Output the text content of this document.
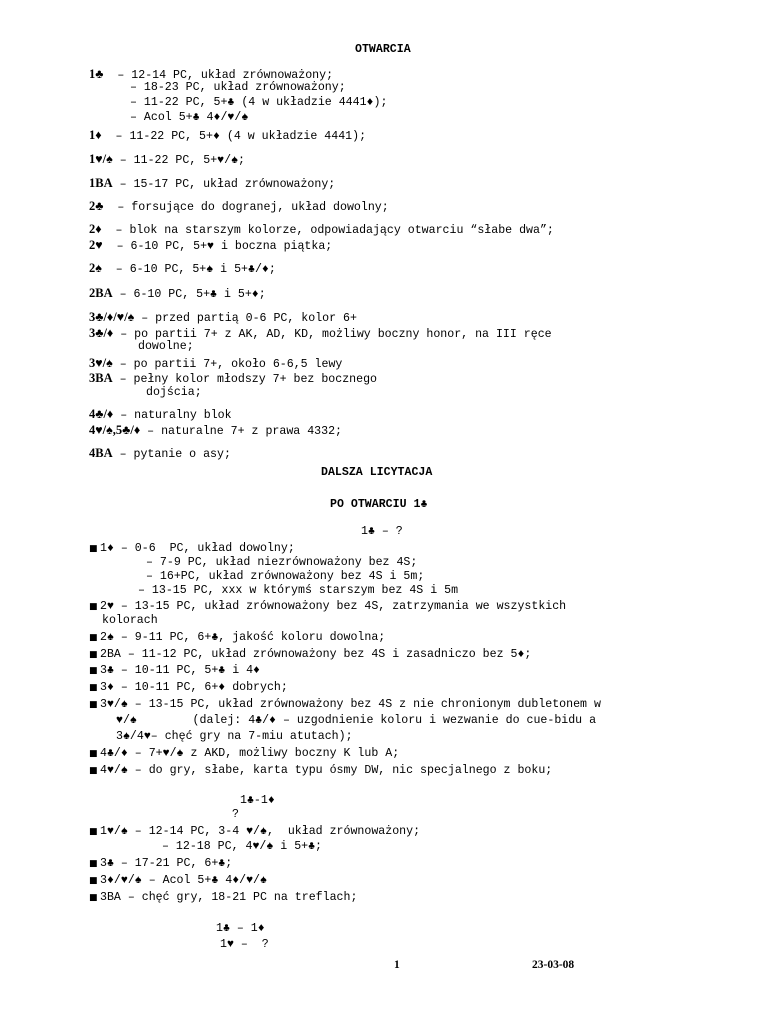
OTWARCIA
1♣  – 12-14 PC, układ zrównoważony;
– 18-23 PC, układ zrównoważony;
– 11-22 PC, 5+♣ (4 w układzie 4441♦);
– Acol 5+♣ 4♦/♥/♠
1♦  – 11-22 PC, 5+♦ (4 w układzie 4441);
1♥/♠ – 11-22 PC, 5+♥/♠;
1BA – 15-17 PC, układ zrównoważony;
2♣  – forsujące do dogranej, układ dowolny;
2♦  – blok na starszym kolorze, odpowiadający otwarciu “słabe dwa”;
2♥  – 6-10 PC, 5+♥ i boczna piątka;
2♠  – 6-10 PC, 5+♠ i 5+♣/♦;
2BA – 6-10 PC, 5+♣ i 5+♦;
3♣/♦/♥/♠ – przed partią 0-6 PC, kolor 6+
3♣/♦ – po partii 7+ z AK, AD, KD, możliwy boczny honor, na III ręce
dowolne;
3♥/♠ – po partii 7+, około 6-6,5 lewy
3BA – pełny kolor młodszy 7+ bez bocznego
dojścia;
4♣/♦ – naturalny blok
4♥/♠,5♣/♦ – naturalne 7+ z prawa 4332;
4BA – pytanie o asy;
DALSZA LICYTACJA
PO OTWARCIU 1♣
1♣ – ?
■ 1♦ – 0-6  PC, układ dowolny;
– 7-9 PC, układ niezrównoważony bez 4S;
– 16+PC, układ zrównoważony bez 4S i 5m;
– 13-15 PC, xxx w którymś starszym bez 4S i 5m
■ 2♥ – 13-15 PC, układ zrównoważony bez 4S, zatrzymania we wszystkich
kolorach
■ 2♠ – 9-11 PC, 6+♣, jakość koloru dowolna;
■ 2BA – 11-12 PC, układ zrównoważony bez 4S i zasadniczo bez 5♦;
■ 3♣ – 10-11 PC, 5+♣ i 4♦
■ 3♦ – 10-11 PC, 6+♦ dobrych;
■ 3♥/♠ – 13-15 PC, układ zrównoważony bez 4S z nie chronionym dubletonem w
♥/♠        (dalej: 4♣/♦ – uzgodnienie koloru i wezwanie do cue-bidu a
3♠/4♥– chęć gry na 7-miu atutach);
■ 4♣/♦ – 7+♥/♠ z AKD, możliwy boczny K lub A;
■ 4♥/♠ – do gry, słabe, karta typu ósmy DW, nic specjalnego z boku;
1♣-1♦
?
■ 1♥/♠ – 12-14 PC, 3-4 ♥/♠,  układ zrównoważony;
– 12-18 PC, 4♥/♠ i 5+♣;
■ 3♣ – 17-21 PC, 6+♣;
■ 3♦/♥/♠ – Acol 5+♣ 4♦/♥/♠
■ 3BA – chęć gry, 18-21 PC na treflach;
1♣ – 1♦
1♥ –  ?
1	23-03-08
